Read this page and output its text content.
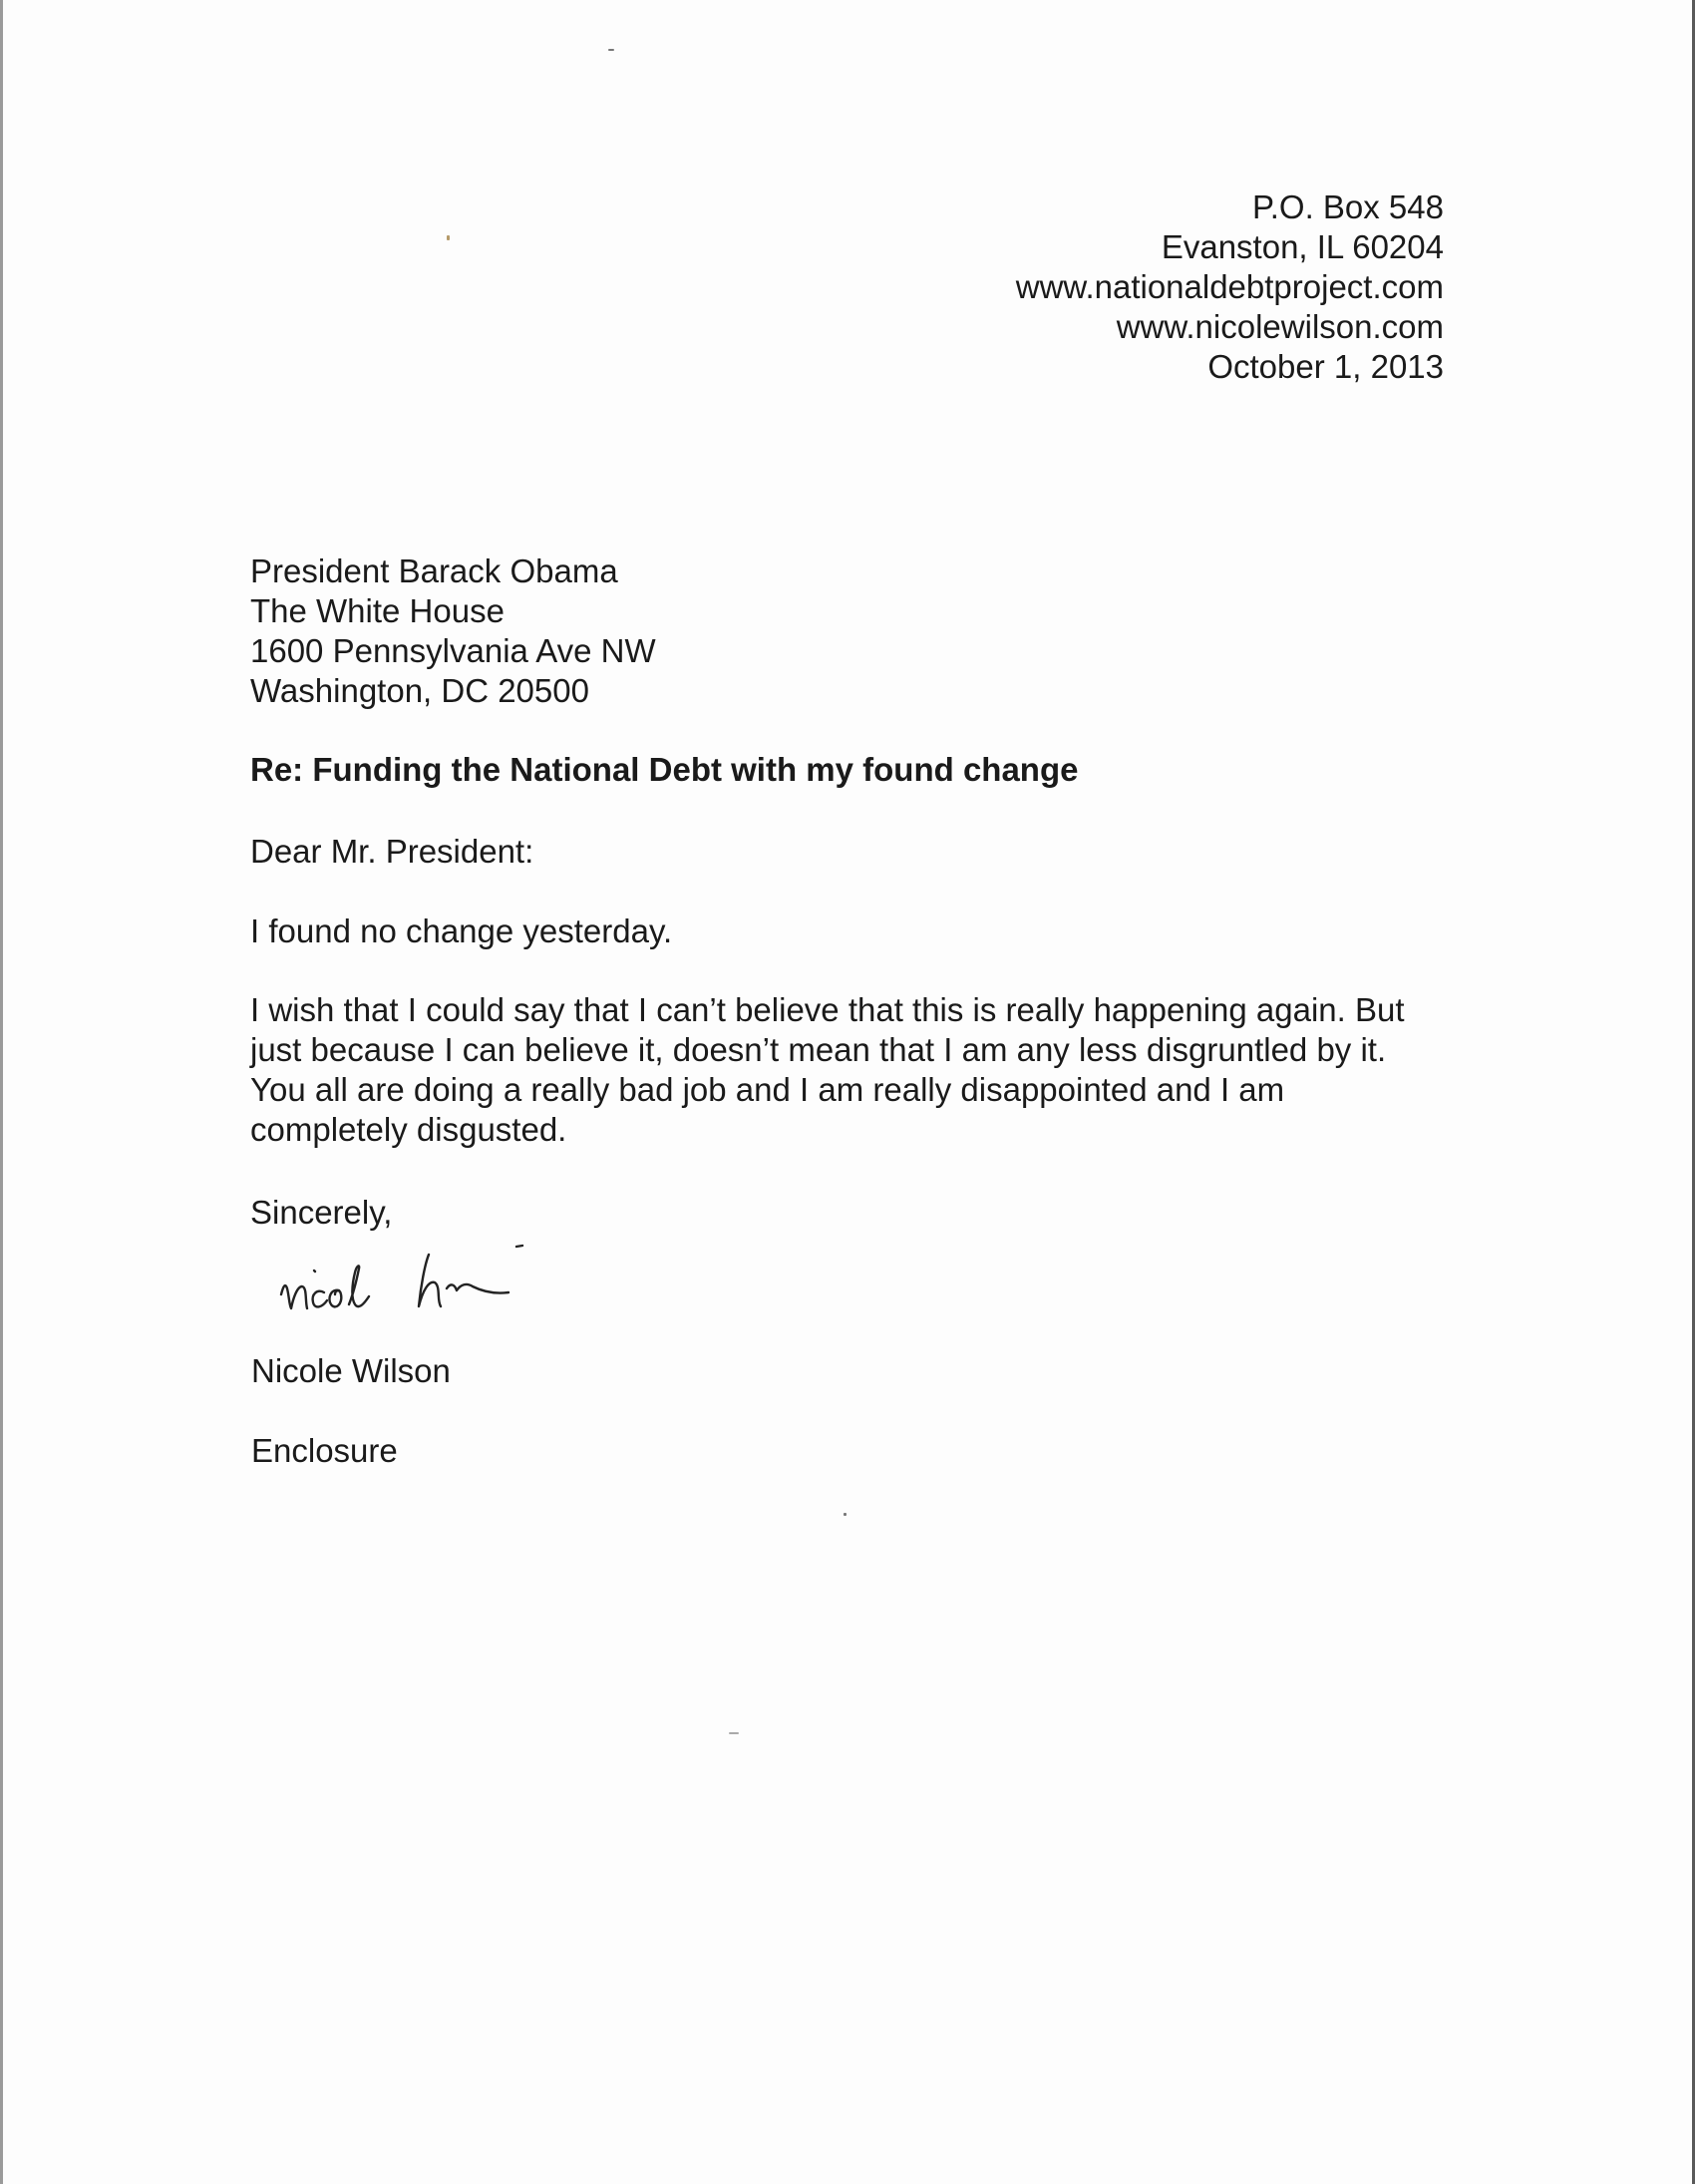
P.O. Box 548
Evanston, IL 60204
www.nationaldebtproject.com
www.nicolewilson.com
October 1, 2013
President Barack Obama
The White House
1600 Pennsylvania Ave NW
Washington, DC 20500
Re: Funding the National Debt with my found change
Dear Mr. President:
I found no change yesterday.
I wish that I could say that I can’t believe that this is really happening again. But
just because I can believe it, doesn’t mean that I am any less disgruntled by it.
You all are doing a really bad job and I am really disappointed and I am
completely disgusted.
Sincerely,
Nicole Wilson
Enclosure
